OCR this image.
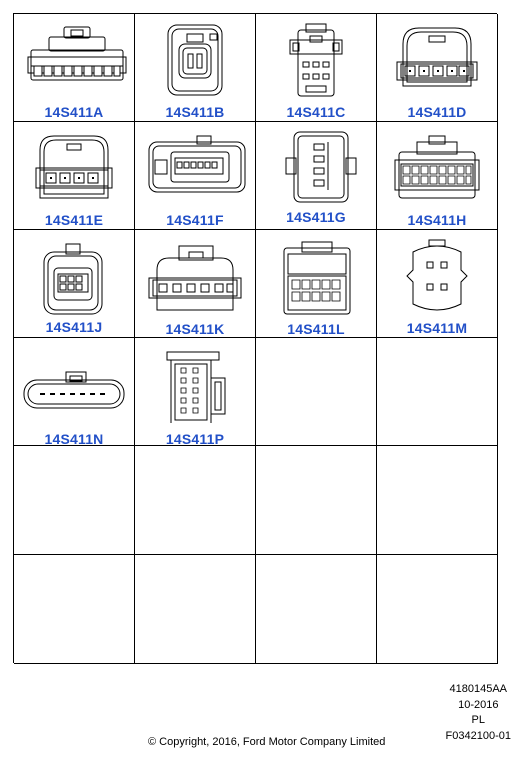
14S411A	14S411B	14S411C	14S411D
14S411E	14S411F	14S411G	14S411H
14S411J	14S411K	14S411L	14S411M
14S411N	14S411P
4180145AA
10-2016
PL
F0342100-01
© Copyright, 2016, Ford Motor Company Limited
